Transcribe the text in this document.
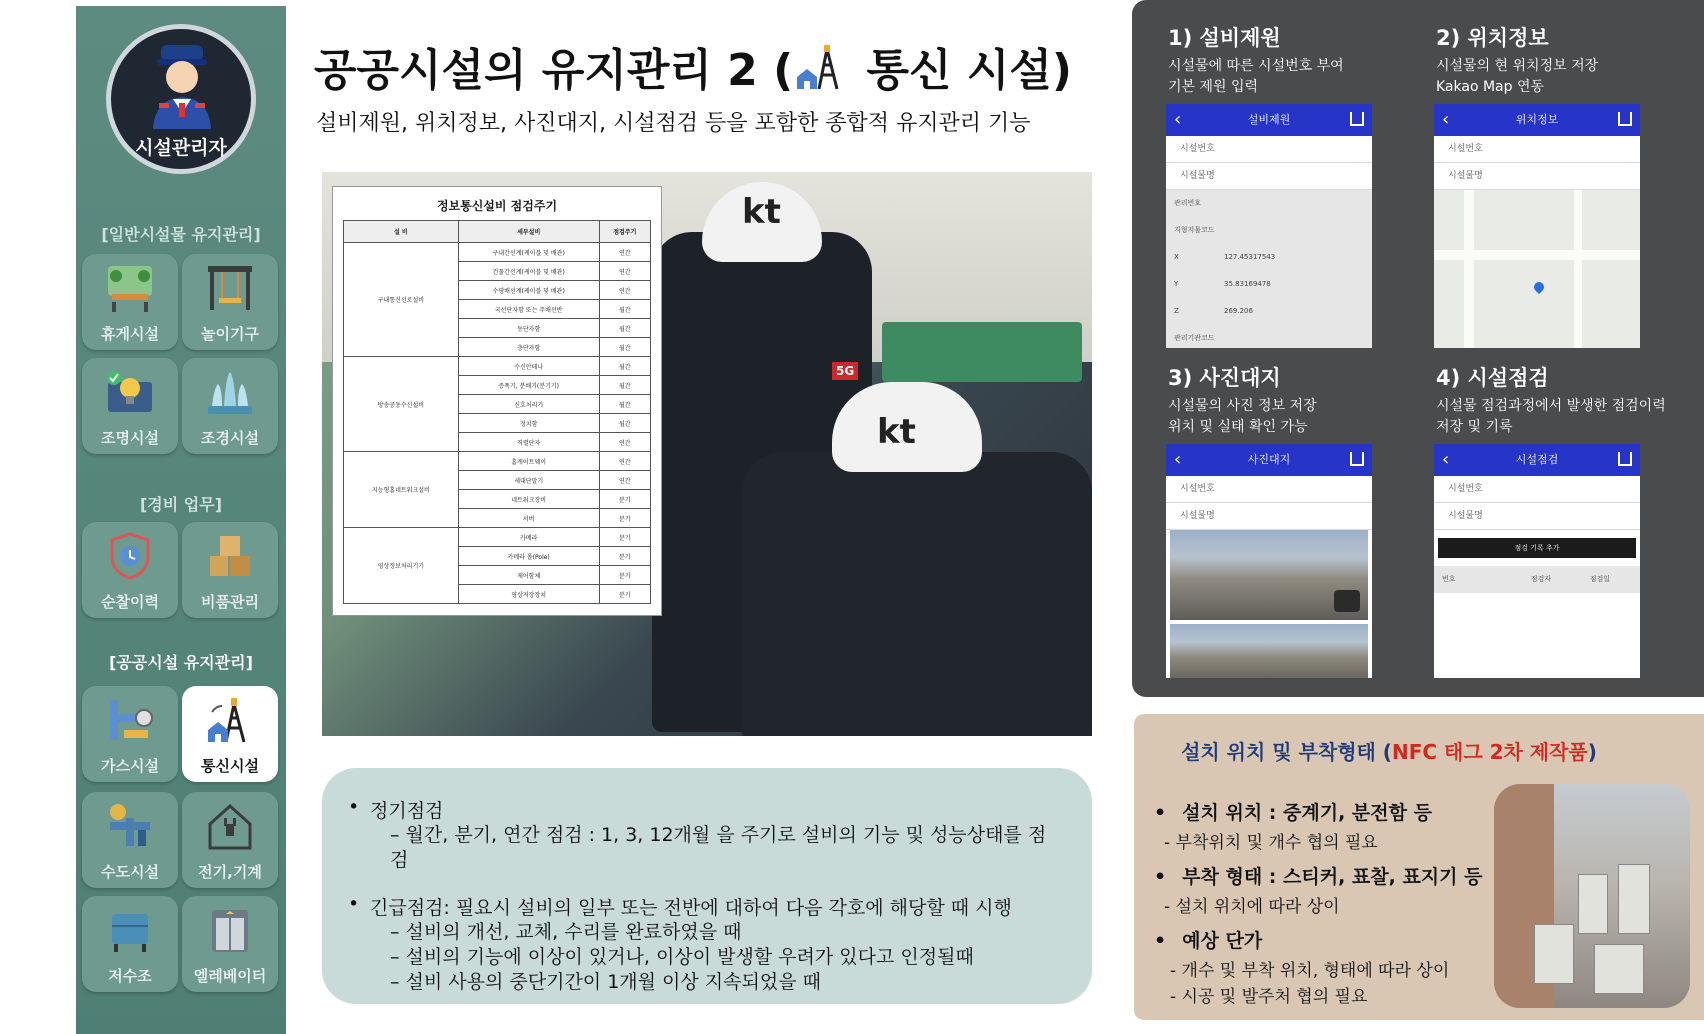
시설관리자
[일반시설물 유지관리]
휴게시설	놀이기구
조명시설	조경시설
[경비 업무]
순찰이력	비품관리
[공공시설 유지관리]
가스시설	통신시설
수도시설	전기,기계
저수조	엘레베이터
공공시설의 유지관리 2 ( 통신 시설)
설비제원, 위치정보, 사진대지, 시설점검 등을 포함한 종합적 유지관리 기능
kt
kt
5G
정보통신설비 점검주기
설 비	세부설비	점검주기
구내통신선로설비	구내간선계(케이블 및 배관)	연간
	건물간선계(케이블 및 배관)	연간
	수평배선계(케이블 및 배관)	연간
	국선단자함 또는 주배선반	월간
	동단자함	월간
	층단자함	월간
방송공동수신설비	수신안테나	월간
	증폭기, 분배기(분기기)	월간
	신호처리기	월간
	정치함	월간
	직렬단자	연간
지능형홈네트워크설비	홈게이트웨이	연간
	세대단말기	연간
	네트워크장비	분기
	서버	분기
영상정보처리기기	카메라	분기
	카메라 폴(Pole)	분기
	제어함체	분기
	영상저장장치	분기
• 정기점검
– 월간, 분기, 연간 점검 : 1, 3, 12개월 을 주기로 설비의 기능 및 성능상태를 점검
• 긴급점검: 필요시 설비의 일부 또는 전반에 대하여 다음 각호에 해당할 때 시행
– 설비의 개선, 교체, 수리를 완료하였을 때
– 설비의 기능에 이상이 있거나, 이상이 발생할 우려가 있다고 인정될때
– 설비 사용의 중단기간이 1개월 이상 지속되었을 때
1) 설비제원
시설물에 따른 시설번호 부여
기본 제원 입력
‹	설비제원
시설번호
시설물명
관리번호
지형지물코드
X	127.45317543
Y	35.83169478
Z	269.206
관리기관코드
2) 위치정보
시설물의 현 위치정보 저장
Kakao Map 연동
‹	위치정보
시설번호
시설물명
3) 사진대지
시설물의 사진 정보 저장
위치 및 실태 확인 가능
‹	사진대지
시설번호
시설물명
4) 시설점검
시설물 점검과정에서 발생한 점검이력
저장 및 기록
‹	시설점검
시설번호
시설물명
점검 기록 추가
번호	점검자	점검일
설치 위치 및 부착형태 (NFC 태그 2차 제작품)
• 설치 위치 : 중계기, 분전함 등
- 부착위치 및 개수 협의 필요
• 부착 형태 : 스티커, 표찰, 표지기 등
- 설치 위치에 따라 상이
• 예상 단가
- 개수 및 부착 위치, 형태에 따라 상이
- 시공 및 발주처 협의 필요
